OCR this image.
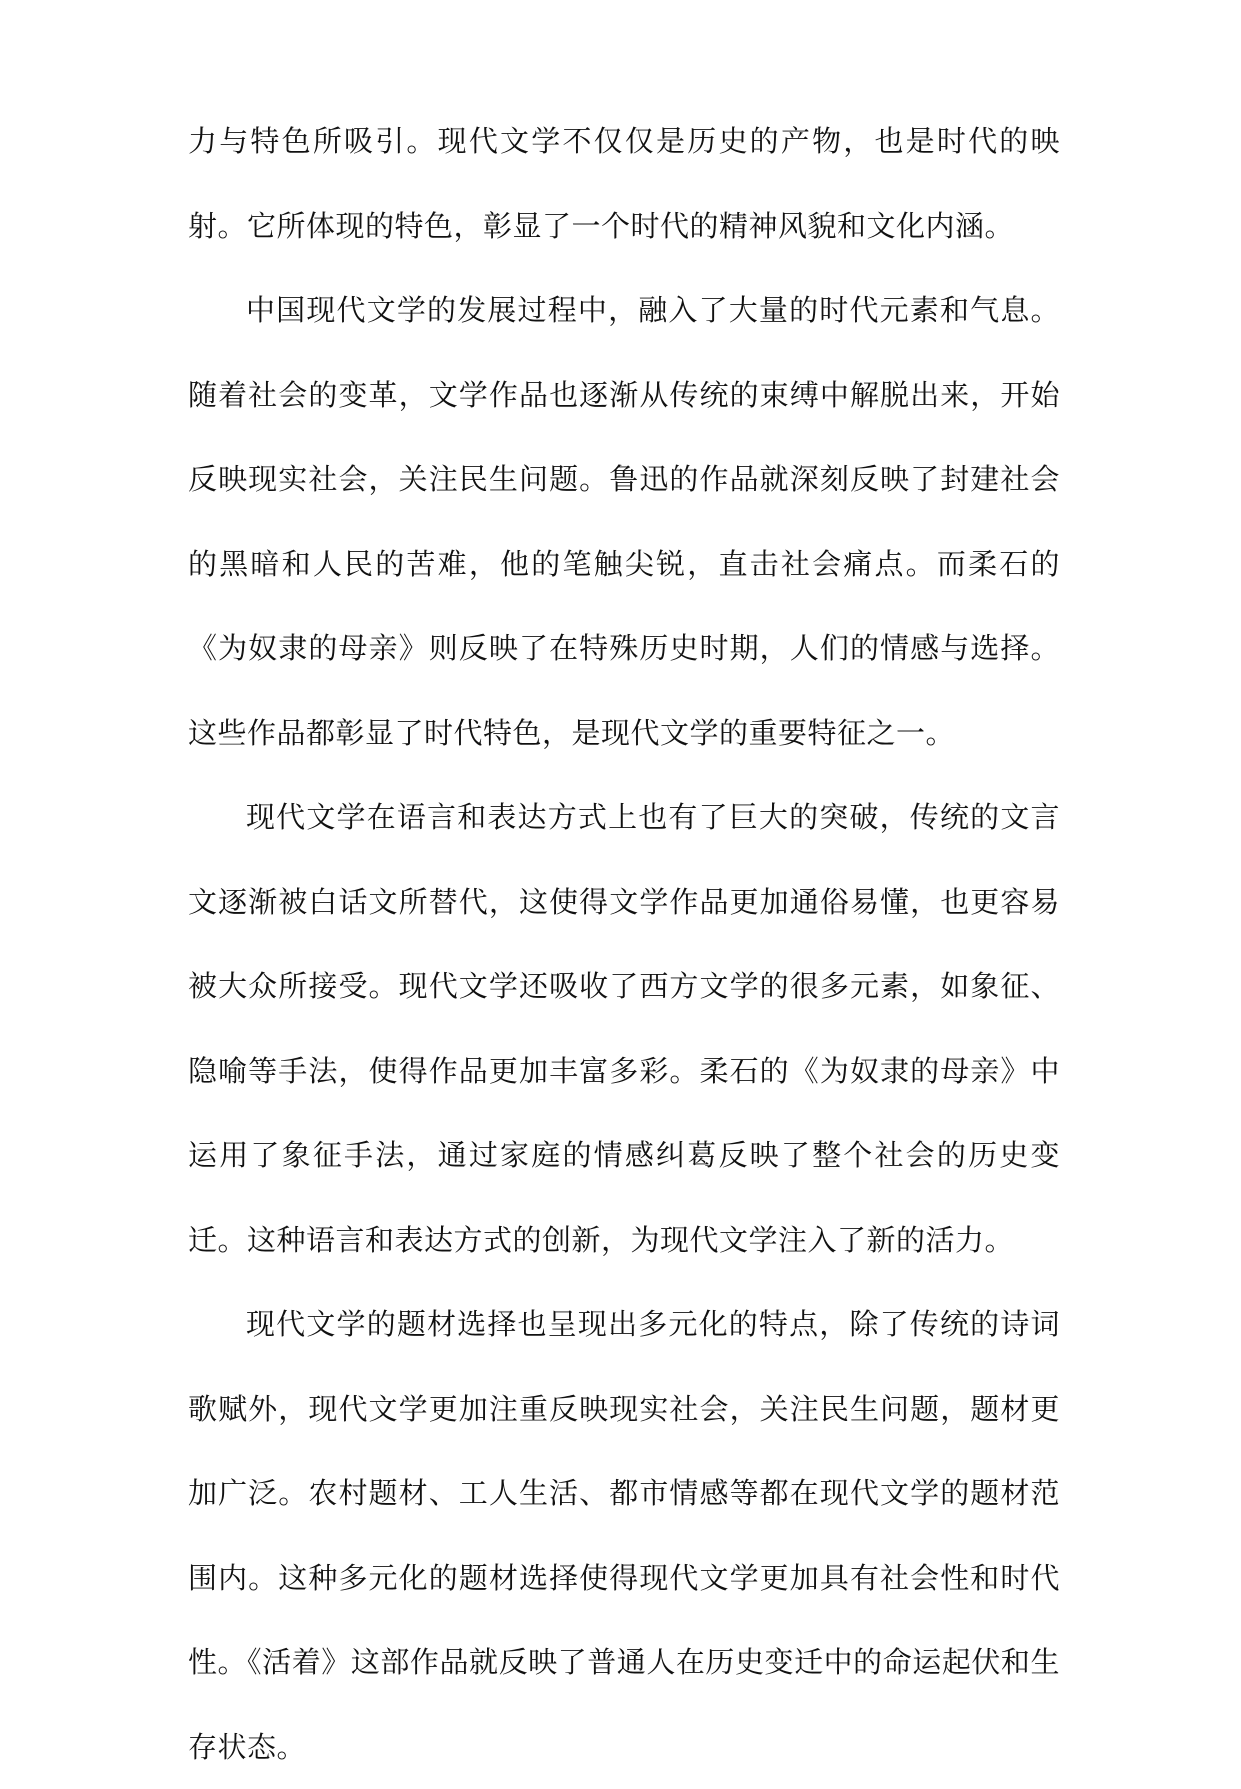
力与特色所吸引。现代文学不仅仅是历史的产物，也是时代的映射。它所体现的特色，彰显了一个时代的精神风貌和文化内涵。

中国现代文学的发展过程中，融入了大量的时代元素和气息。随着社会的变革，文学作品也逐渐从传统的束缚中解脱出来，开始反映现实社会，关注民生问题。鲁迅的作品就深刻反映了封建社会的黑暗和人民的苦难，他的笔触尖锐，直击社会痛点。而柔石的《为奴隶的母亲》则反映了在特殊历史时期，人们的情感与选择。这些作品都彰显了时代特色，是现代文学的重要特征之一。

现代文学在语言和表达方式上也有了巨大的突破，传统的文言文逐渐被白话文所替代，这使得文学作品更加通俗易懂，也更容易被大众所接受。现代文学还吸收了西方文学的很多元素，如象征、隐喻等手法，使得作品更加丰富多彩。柔石的《为奴隶的母亲》中运用了象征手法，通过家庭的情感纠葛反映了整个社会的历史变迁。这种语言和表达方式的创新，为现代文学注入了新的活力。

现代文学的题材选择也呈现出多元化的特点，除了传统的诗词歌赋外，现代文学更加注重反映现实社会，关注民生问题，题材更加广泛。农村题材、工人生活、都市情感等都在现代文学的题材范围内。这种多元化的题材选择使得现代文学更加具有社会性和时代性。《活着》这部作品就反映了普通人在历史变迁中的命运起伏和生存状态。
